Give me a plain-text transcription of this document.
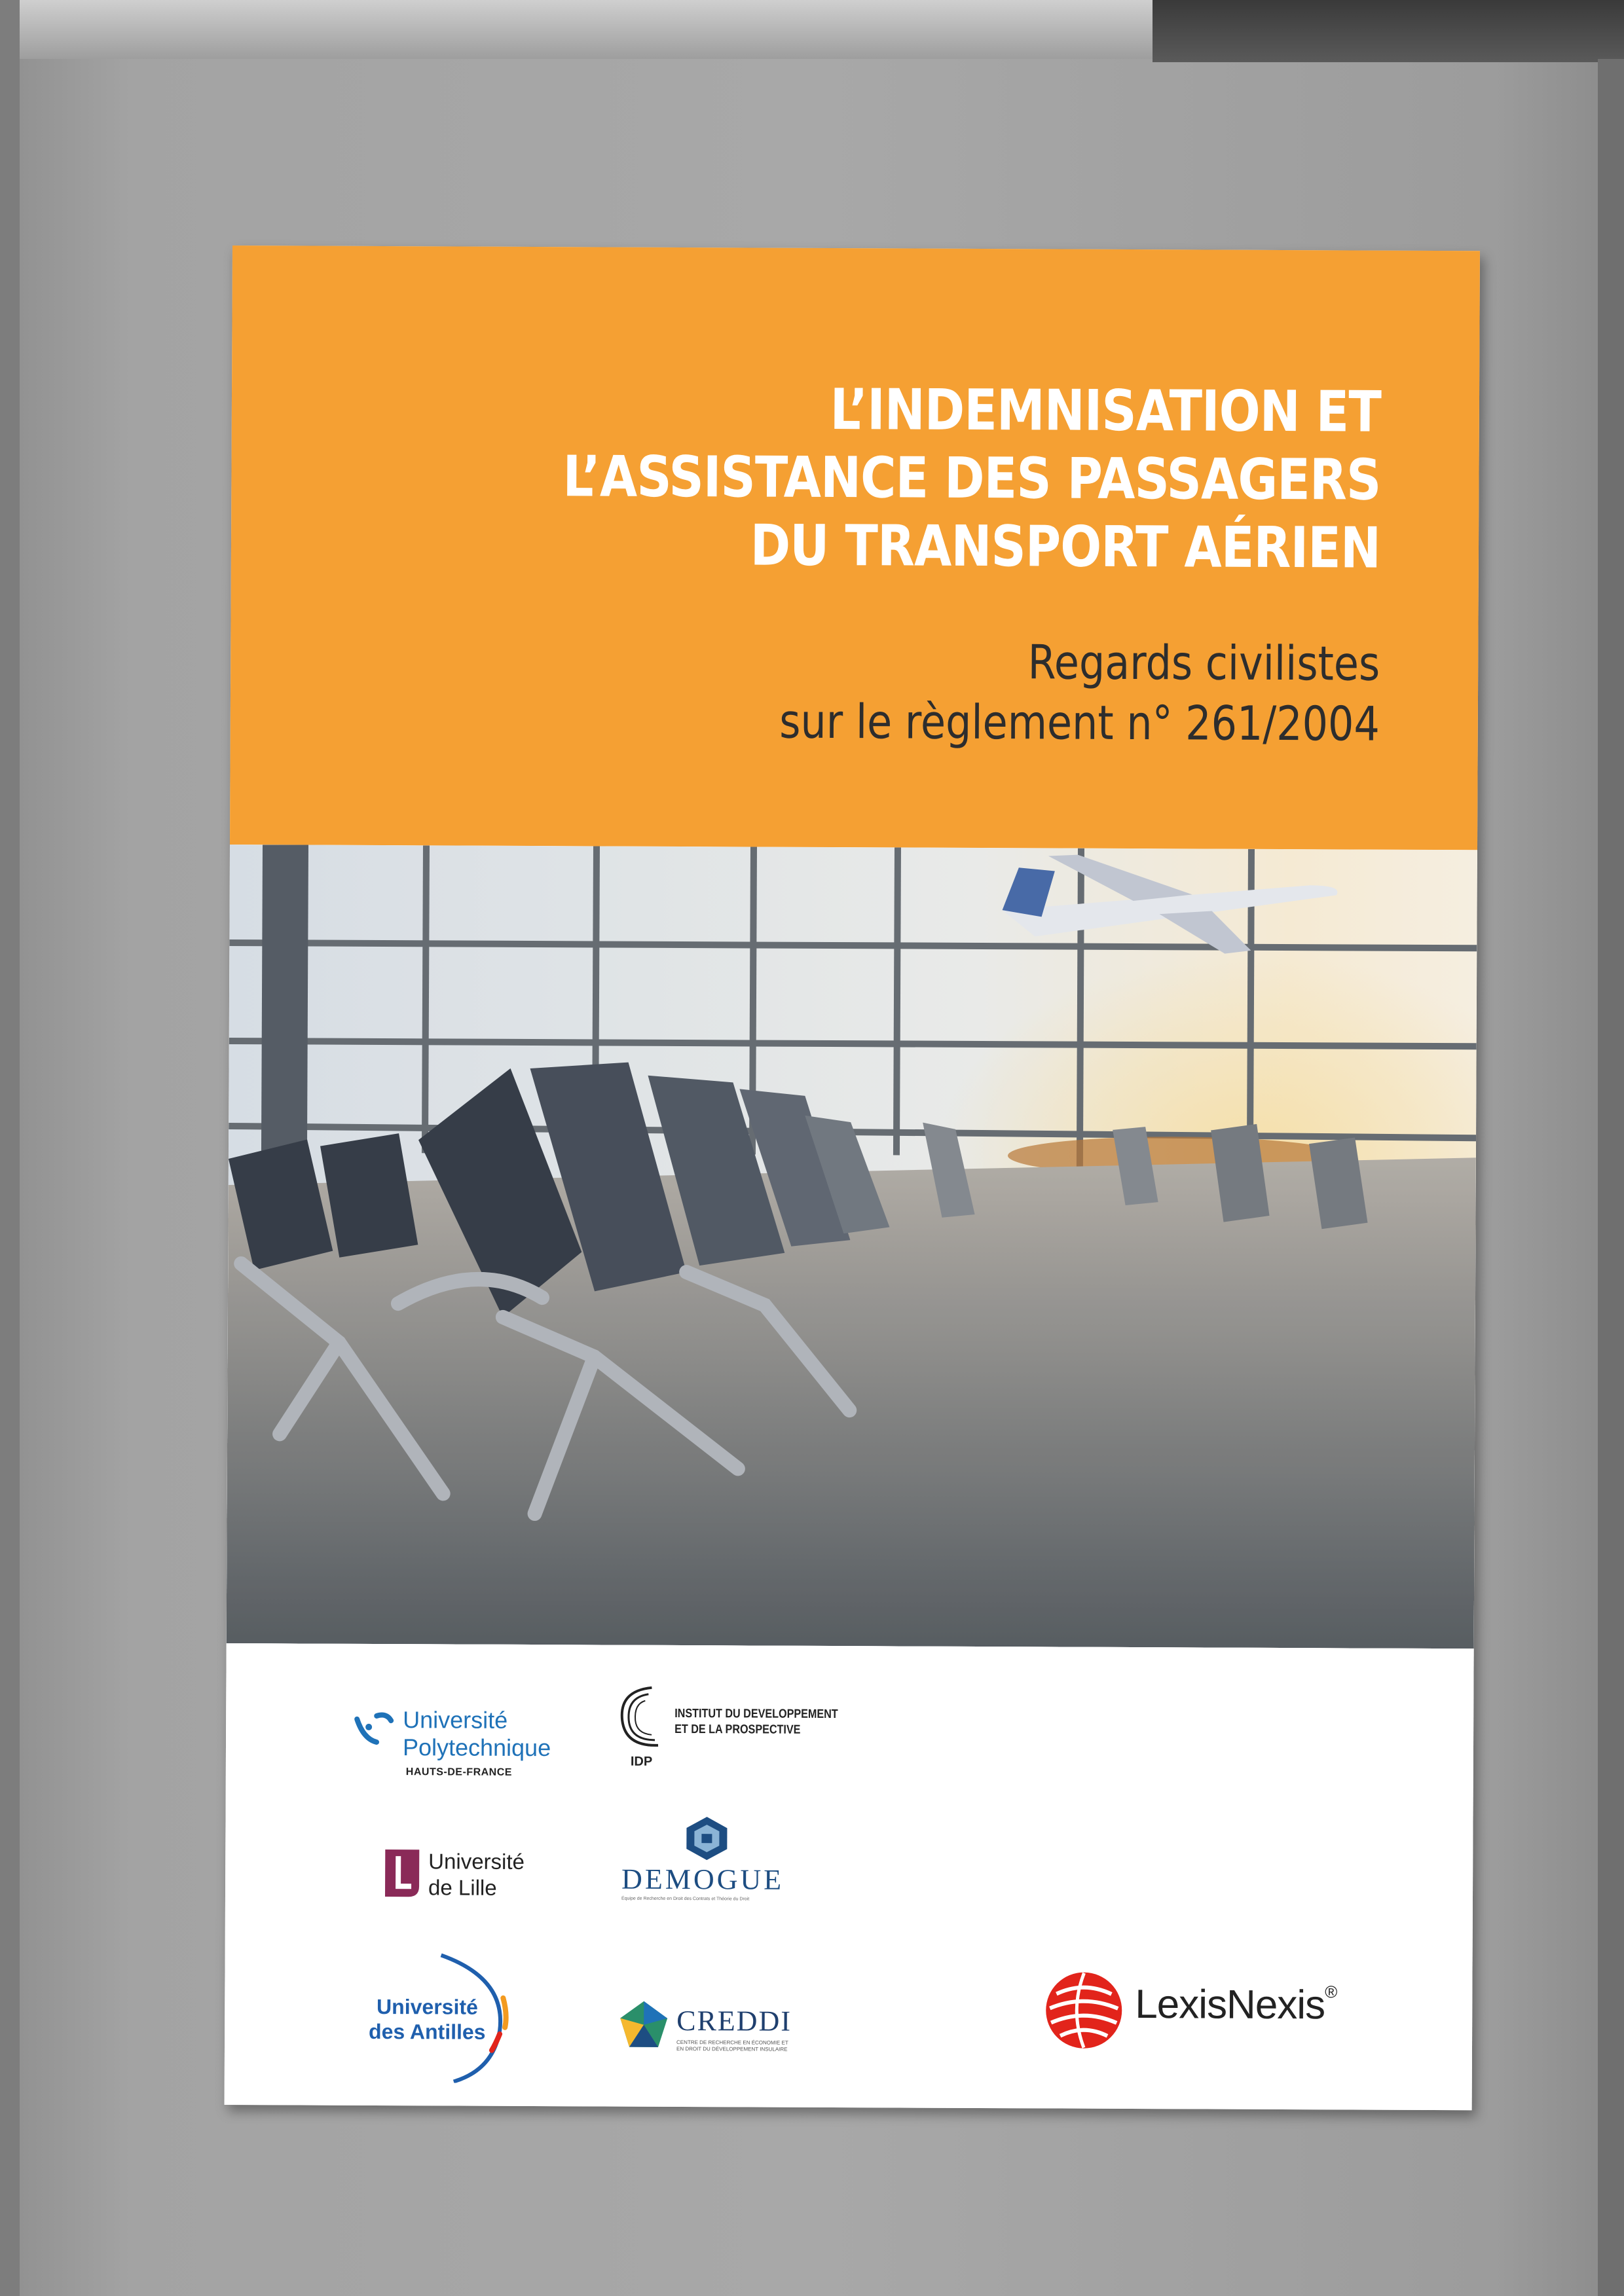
L’INDEMNISATION ET
L’ASSISTANCE DES PASSAGERS
DU TRANSPORT AÉRIEN
Regards civilistes
sur le règlement n° 261/2004
Université
Polytechnique
HAUTS-DE-FRANCE
INSTITUT DU DEVELOPPEMENT
ET DE LA PROSPECTIVE
IDP
Université
de Lille	DEMOGUE
Équipe de Recherche en Droit des Contrats et Théorie du Droit
Université
des Antilles	CREDDI
CENTRE DE RECHERCHE EN ÉCONOMIE ET
EN DROIT DU DÉVELOPPEMENT INSULAIRE
LexisNexis®
